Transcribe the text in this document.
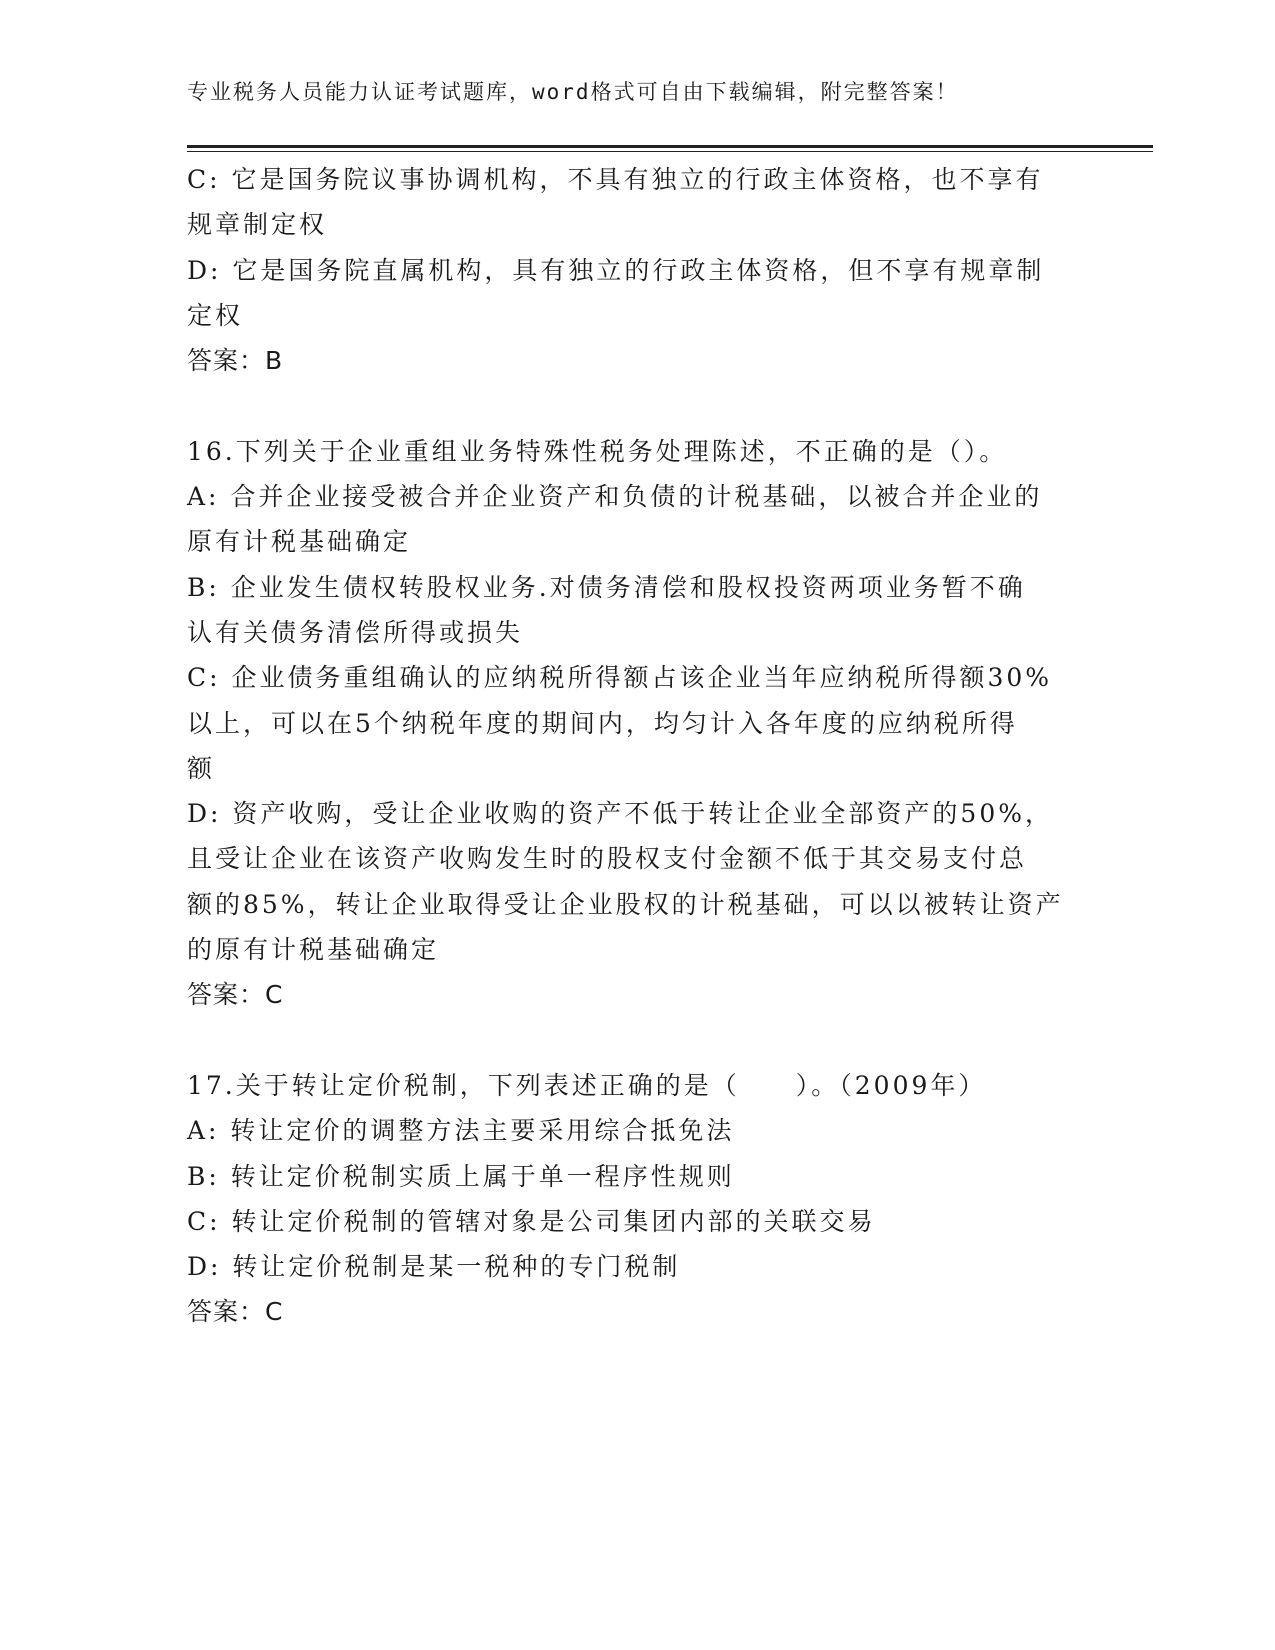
专业税务人员能力认证考试题库，word格式可自由下载编辑，附完整答案！
C: 它是国务院议事协调机构，不具有独立的行政主体资格，也不享有
规章制定权
D: 它是国务院直属机构，具有独立的行政主体资格，但不享有规章制
定权
答案：B
16.下列关于企业重组业务特殊性税务处理陈述，不正确的是（）。
A: 合并企业接受被合并企业资产和负债的计税基础，以被合并企业的
原有计税基础确定
B: 企业发生债权转股权业务.对债务清偿和股权投资两项业务暂不确
认有关债务清偿所得或损失
C: 企业债务重组确认的应纳税所得额占该企业当年应纳税所得额30%
以上，可以在5个纳税年度的期间内，均匀计入各年度的应纳税所得
额
D: 资产收购，受让企业收购的资产不低于转让企业全部资产的50%，
且受让企业在该资产收购发生时的股权支付金额不低于其交易支付总
额的85%，转让企业取得受让企业股权的计税基础，可以以被转让资产
的原有计税基础确定
答案：C
17.关于转让定价税制，下列表述正确的是（　　）。（2009年）
A: 转让定价的调整方法主要采用综合抵免法
B: 转让定价税制实质上属于单一程序性规则
C: 转让定价税制的管辖对象是公司集团内部的关联交易
D: 转让定价税制是某一税种的专门税制
答案：C
